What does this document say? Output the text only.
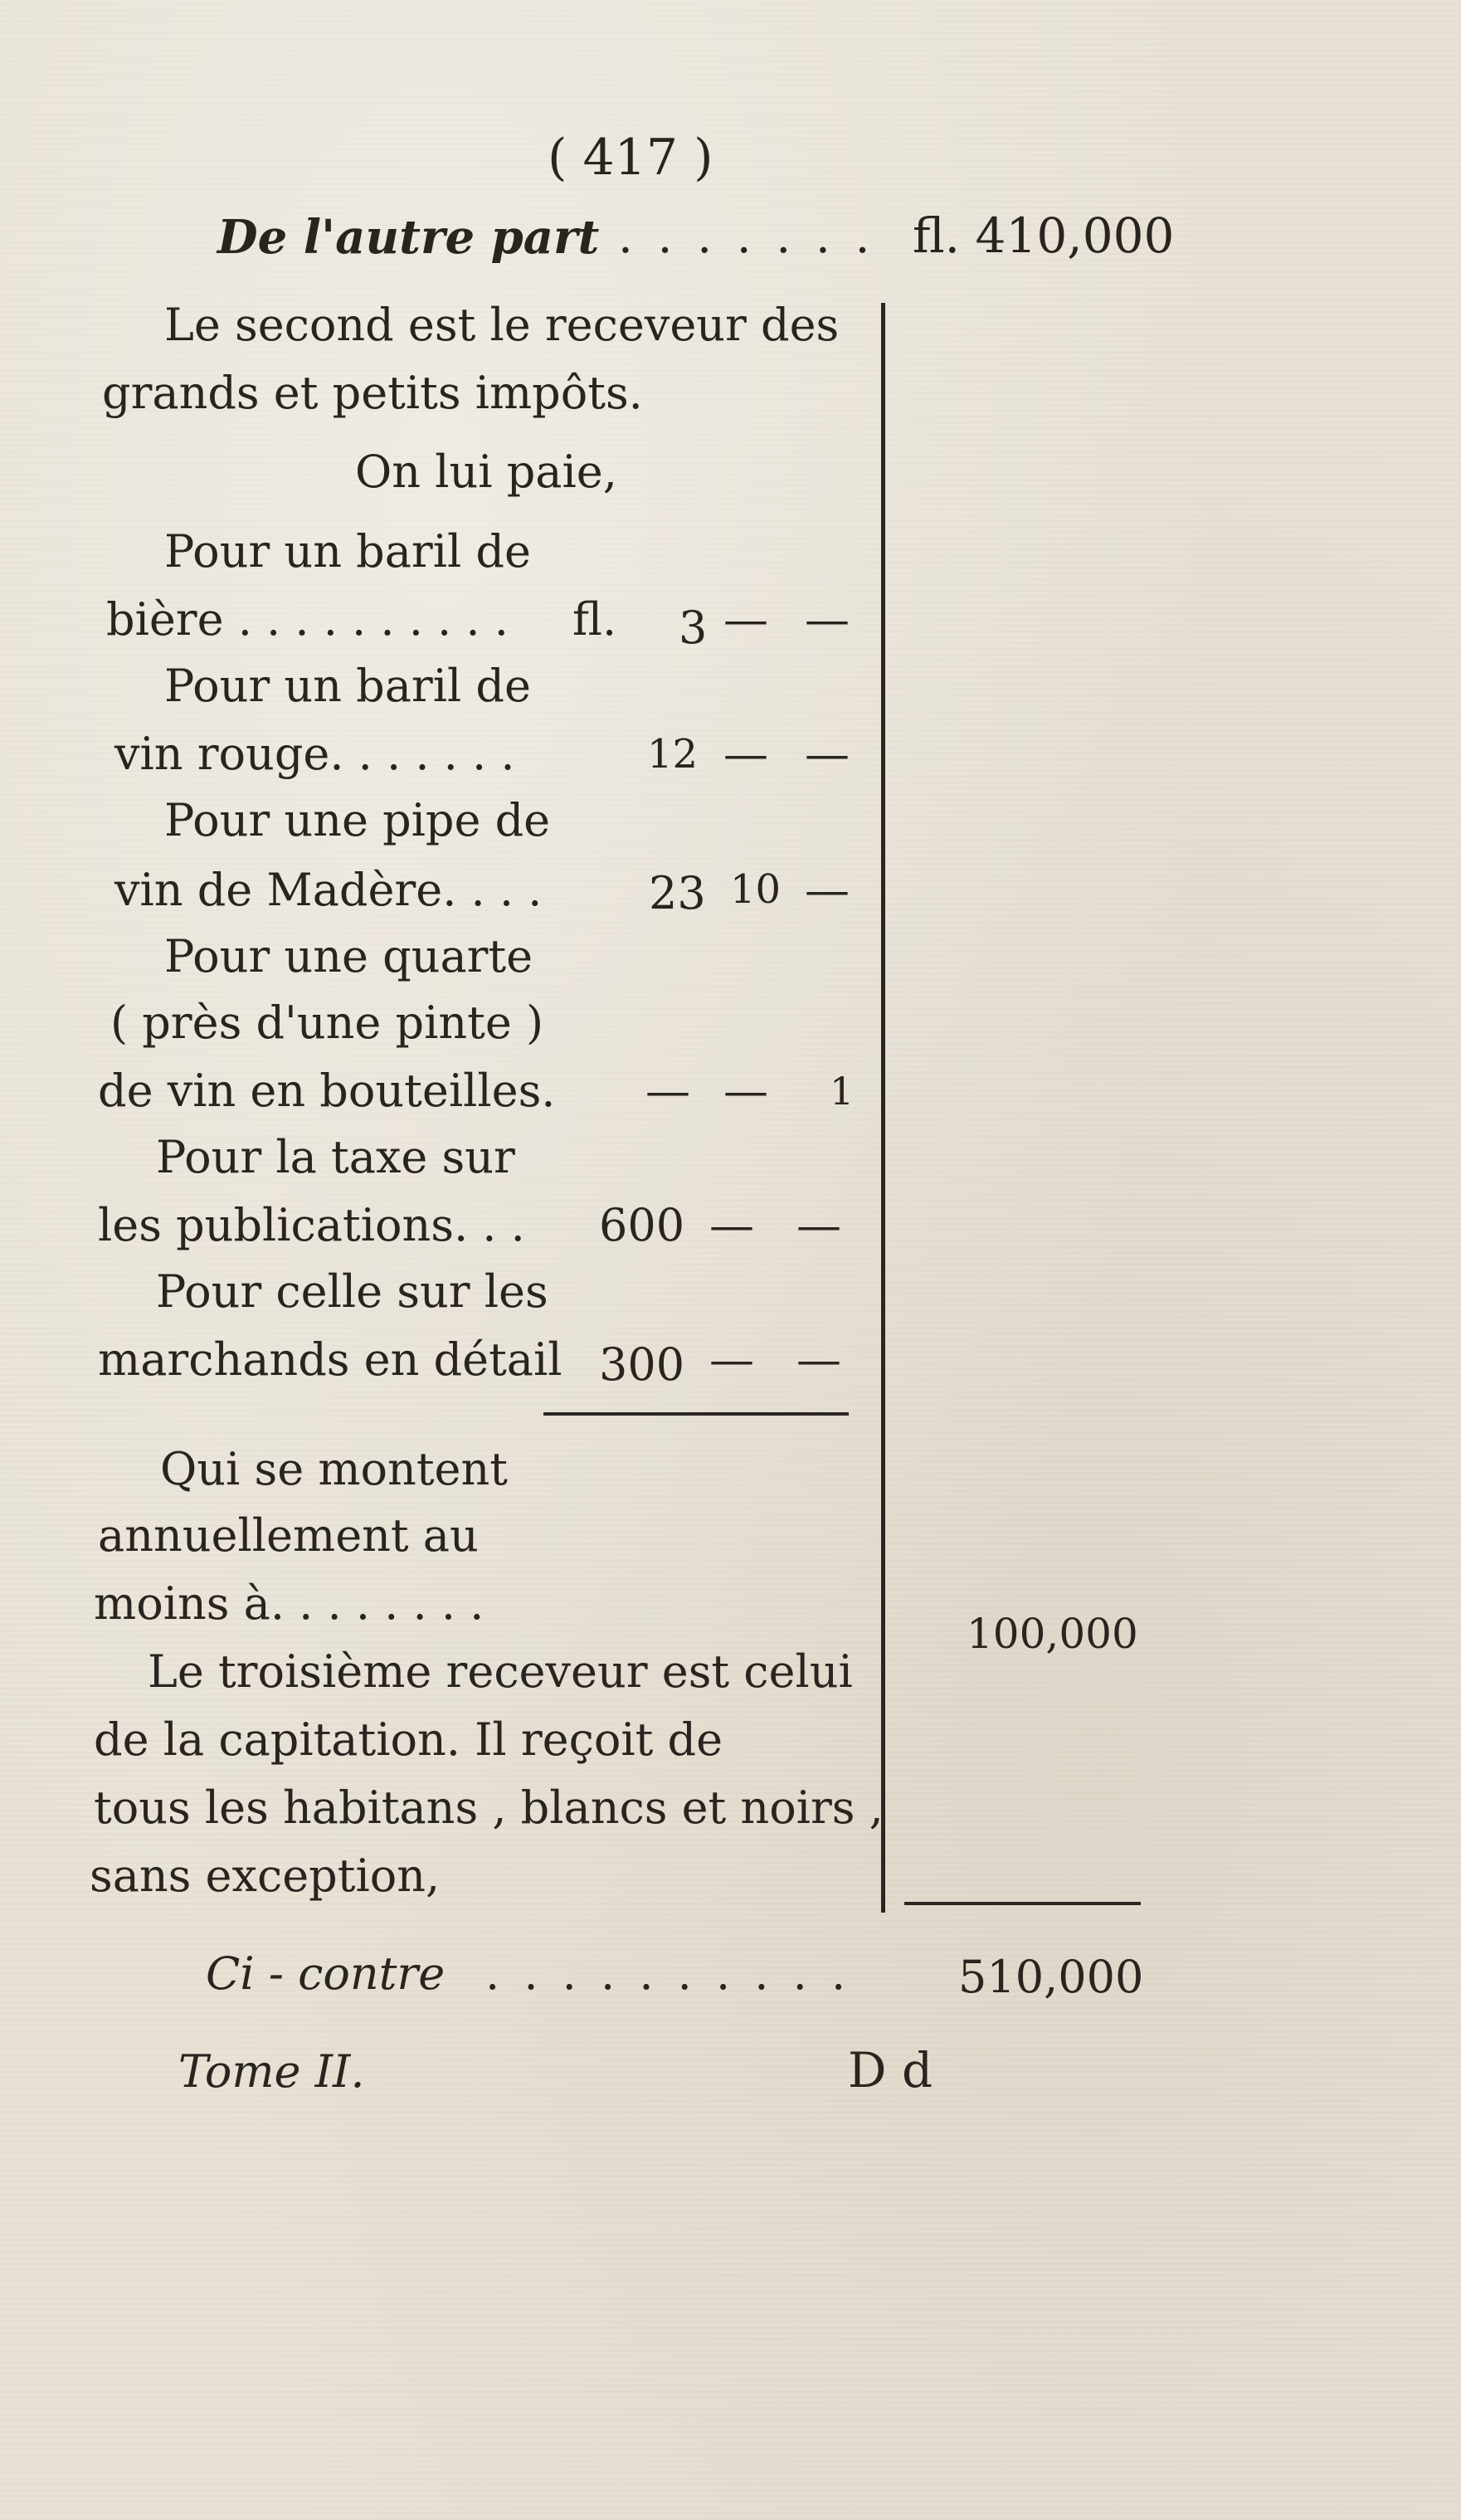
( 417 )
De l'autre part . . . . . . . fl. 410,000
Le second est le receveur des
grands et petits impôts.
On lui paie,
Pour un baril de
bière . . . . . . . . . . fl. 3 — —
Pour un baril de
vin rouge. . . . . . .	12 — —
Pour une pipe de
vin de Madère. . . . 23 10 —
Pour une quarte
( près d'une pinte )
de vin en bouteilles. — — 1
Pour la taxe sur
les publications. . . 600 — —
Pour celle sur les
marchands en détail 300 — —
Qui se montent
annuellement au
moins à. . . . . . . .
100,000
Le troisième receveur est celui
de la capitation. Il reçoit de
tous les habitans , blancs et noirs ,
sans exception,
Ci - contre . . . . . . . . . . 510,000
Tome II.	D d
